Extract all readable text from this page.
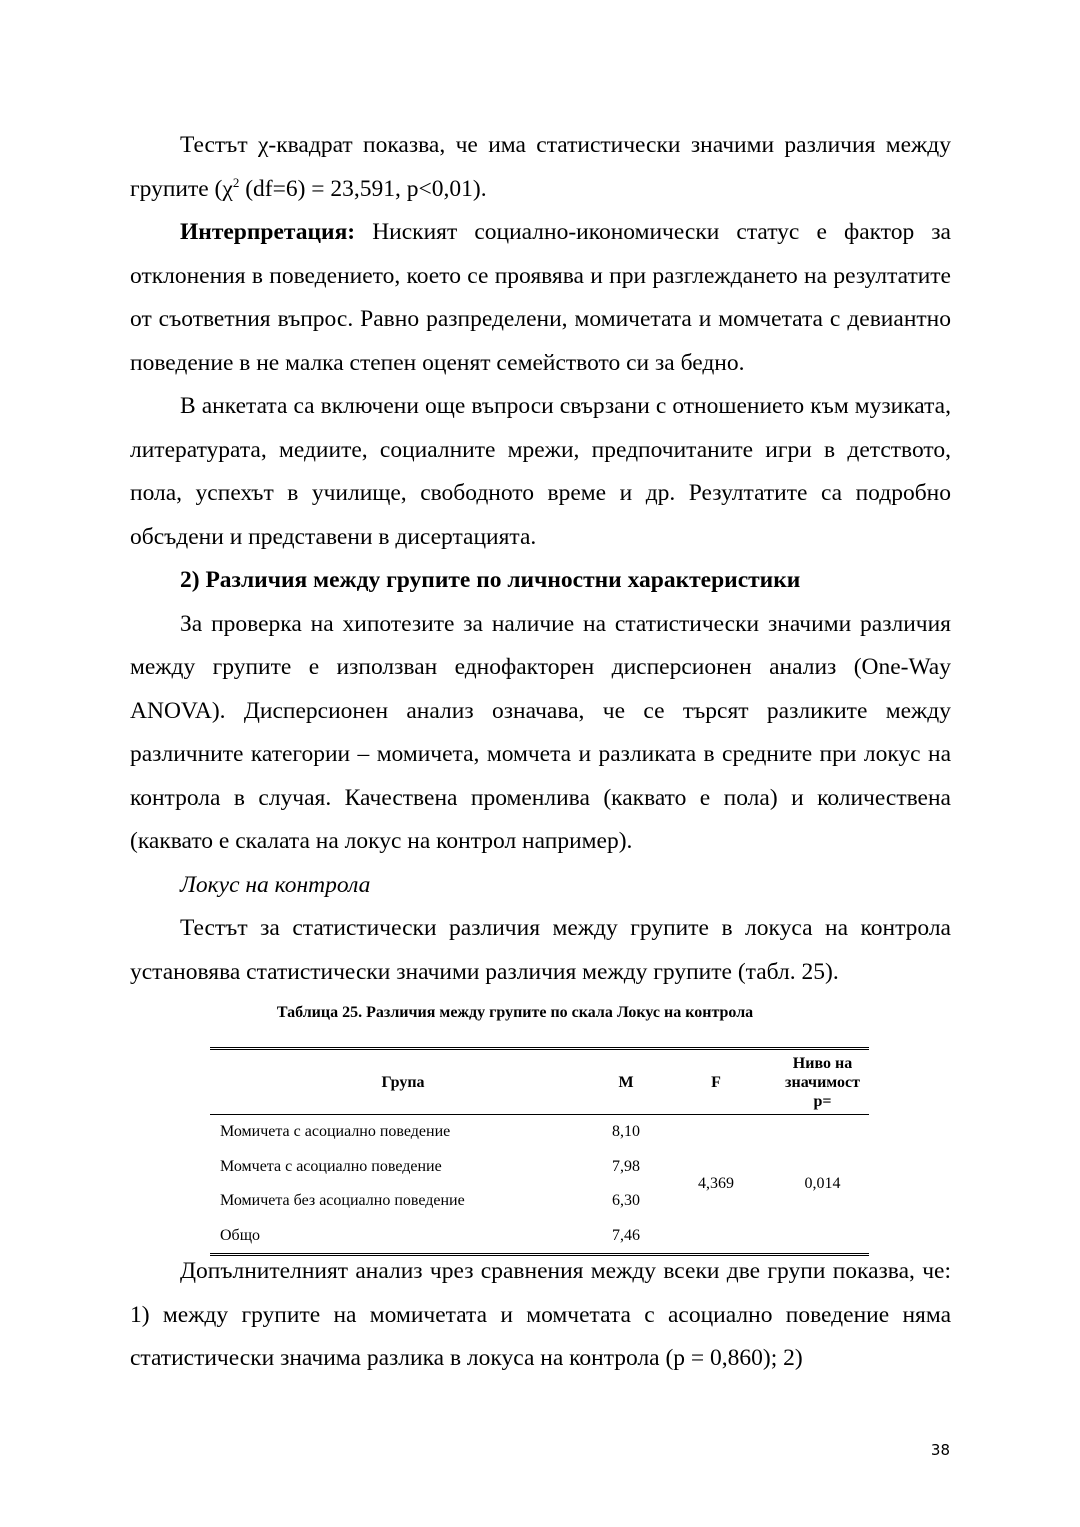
Тестът χ-квадрат показва, че има статистически значими различия между групите ($\chi^2$ (df=6) = 23,591, p<0,01).

Интерпретация: Ниският социално-икономически статус е фактор за отклонения в поведението, което се проявява и при разглеждането на резултатите от съответния въпрос. Равно разпределени, момичетата и момчетата с девиантно поведение в не малка степен оценят семейството си за бедно.

В анкетата са включени още въпроси свързани с отношението към музиката, литературата, медиите, социалните мрежи, предпочитаните игри в детството, пола, успехът в училище, свободното време и др. Резултатите са подробно обсъдени и представени в дисертацията.

2) Различия между групите по личностни характеристики

За проверка на хипотезите за наличие на статистически значими различия между групите е използван еднофакторен дисперсионен анализ (One-Way ANOVA). Дисперсионен анализ означава, че се търсят разликите между различните категории – момичета, момчета и разликата в средните при локус на контрола в случая. Качествена променлива (каквато е пола) и количествена (каквато е скалата на локус на контрол например).

Локус на контрола

Тестът за статистически различия между групите в локуса на контрола установява статистически значими различия между групите (табл. 25).

Таблица 25. Различия между групите по скала Локус на контрола
Група	M	F	Ниво на значимост p=
Момичета с асоциално поведение	8,10	4,369	0,014
Момчета с асоциално поведение	7,98		
Момичета без асоциално поведение	6,30		
Общо	7,46		

Допълнителният анализ чрез сравнения между всеки две групи показва, че: 1) между групите на момичетата и момчетата с асоциално поведение няма статистически значима разлика в локуса на контрола (p = 0,860); 2)

38
